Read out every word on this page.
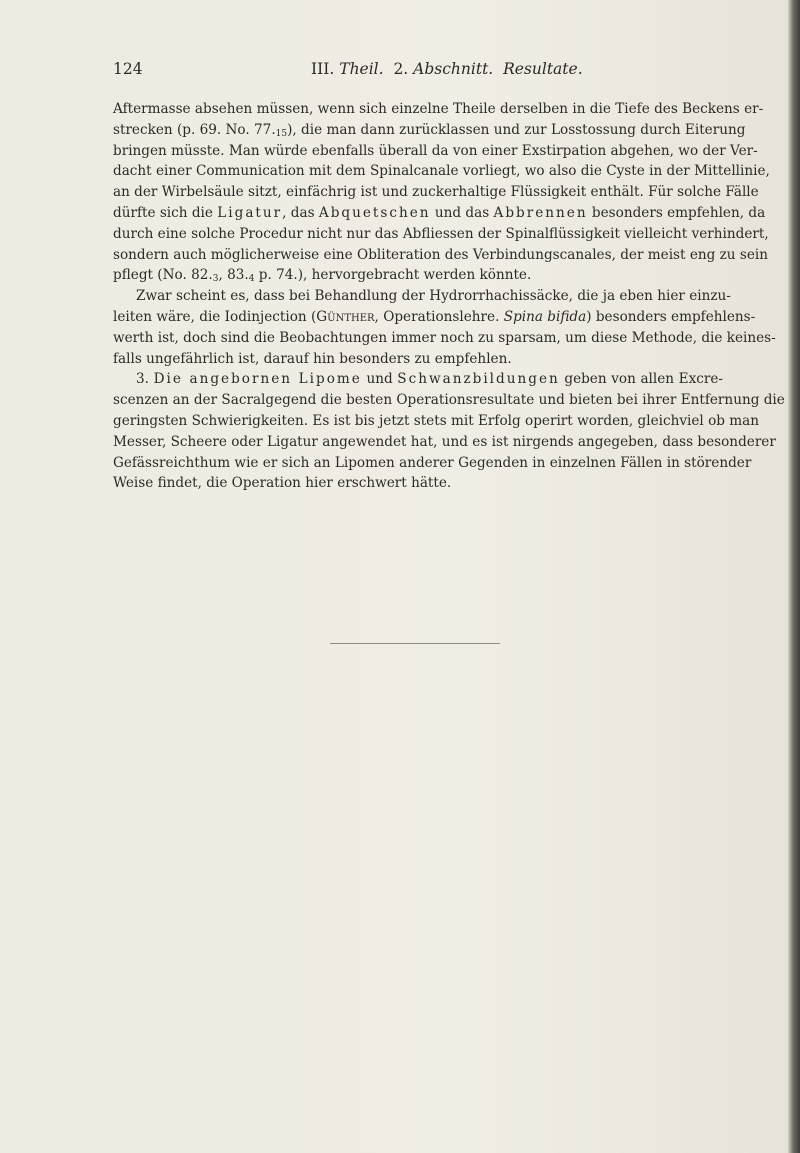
124	III. Theil. 2. Abschnitt. Resultate.
Aftermasse absehen müssen, wenn sich einzelne Theile derselben in die Tiefe des Beckens er-
strecken (p. 69. No. $77._{15}$), die man dann zurücklassen und zur Losstossung durch Eiterung
bringen müsste. Man würde ebenfalls überall da von einer Exstirpation abgehen, wo der Ver-
dacht einer Communication mit dem Spinalcanale vorliegt, wo also die Cyste in der Mittellinie,
an der Wirbelsäule sitzt, einfächrig ist und zuckerhaltige Flüssigkeit enthält. Für solche Fälle
dürfte sich die Ligatur, das Abquetschen und das Abbrennen besonders empfehlen, da
durch eine solche Procedur nicht nur das Abfliessen der Spinalflüssigkeit vielleicht verhindert,
sondern auch möglicherweise eine Obliteration des Verbindungscanales, der meist eng zu sein
pflegt (No. $82._3$, $83._4$ p. 74.), hervorgebracht werden könnte.
Zwar scheint es, dass bei Behandlung der Hydrorrhachissäcke, die ja eben hier einzu-
leiten wäre, die Iodinjection (Günther, Operationslehre. Spina bifida) besonders empfehlens-
werth ist, doch sind die Beobachtungen immer noch zu sparsam, um diese Methode, die keines-
falls ungefährlich ist, darauf hin besonders zu empfehlen.
3. Die angebornen Lipome und Schwanzbildungen geben von allen Excre-
scenzen an der Sacralgegend die besten Operationsresultate und bieten bei ihrer Entfernung die
geringsten Schwierigkeiten. Es ist bis jetzt stets mit Erfolg operirt worden, gleichviel ob man
Messer, Scheere oder Ligatur angewendet hat, und es ist nirgends angegeben, dass besonderer
Gefässreichthum wie er sich an Lipomen anderer Gegenden in einzelnen Fällen in störender
Weise findet, die Operation hier erschwert hätte.
